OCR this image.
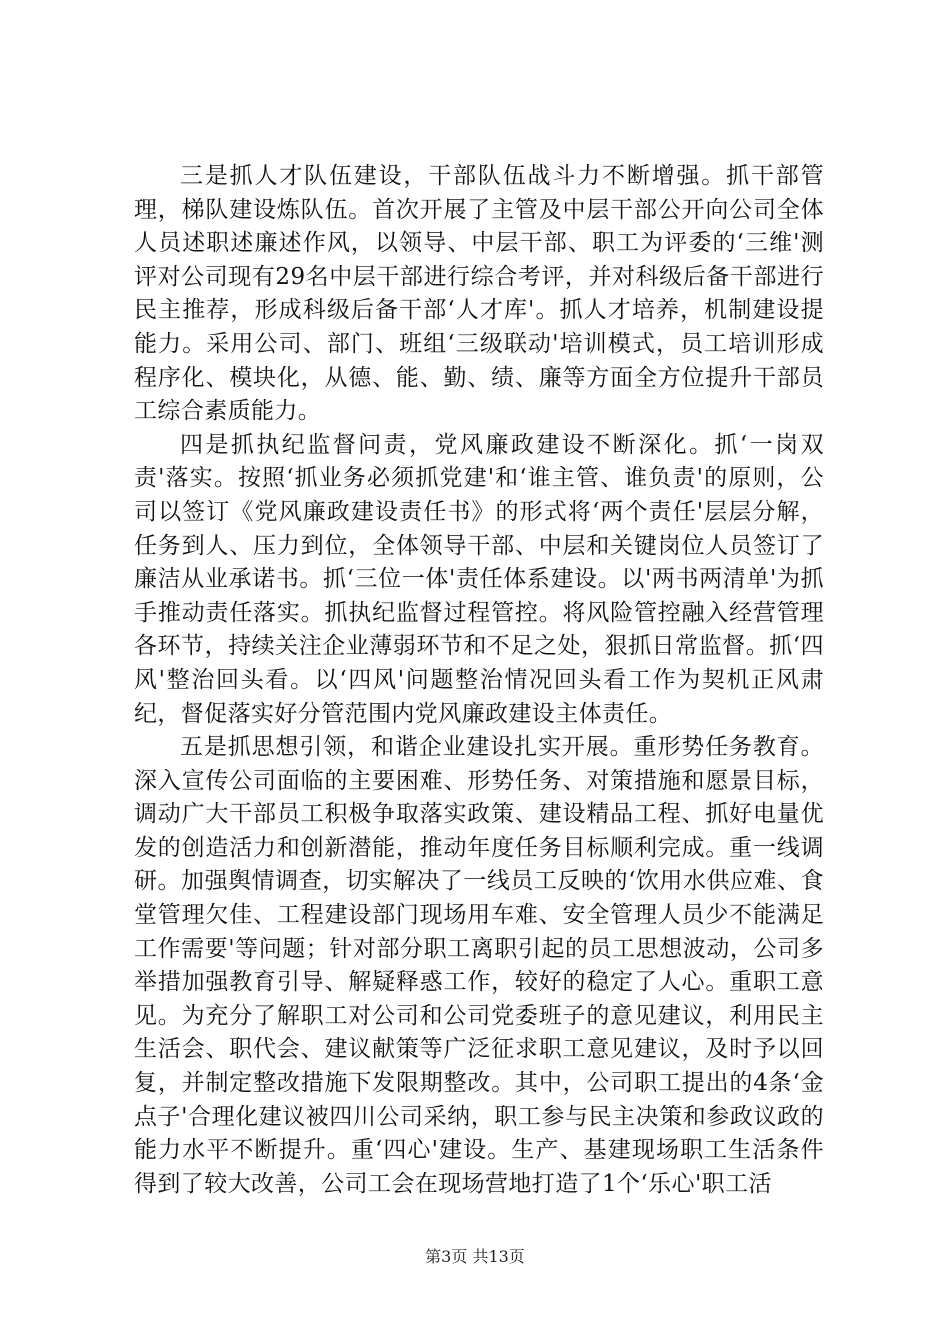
三是抓人才队伍建设，干部队伍战斗力不断增强。抓干部管理，梯队建设炼队伍。首次开展了主管及中层干部公开向公司全体人员述职述廉述作风，以领导、中层干部、职工为评委的‘三维'测评对公司现有29名中层干部进行综合考评，并对科级后备干部进行民主推荐，形成科级后备干部‘人才库'。抓人才培养，机制建设提能力。采用公司、部门、班组‘三级联动'培训模式，员工培训形成程序化、模块化，从德、能、勤、绩、廉等方面全方位提升干部员工综合素质能力。

四是抓执纪监督问责，党风廉政建设不断深化。抓‘一岗双责'落实。按照‘抓业务必须抓党建'和‘谁主管、谁负责'的原则，公司以签订《党风廉政建设责任书》的形式将‘两个责任'层层分解，任务到人、压力到位，全体领导干部、中层和关键岗位人员签订了廉洁从业承诺书。抓‘三位一体'责任体系建设。以'两书两清单'为抓手推动责任落实。抓执纪监督过程管控。将风险管控融入经营管理各环节，持续关注企业薄弱环节和不足之处，狠抓日常监督。抓‘四风'整治回头看。以‘四风'问题整治情况回头看工作为契机正风肃纪，督促落实好分管范围内党风廉政建设主体责任。

五是抓思想引领，和谐企业建设扎实开展。重形势任务教育。深入宣传公司面临的主要困难、形势任务、对策措施和愿景目标，调动广大干部员工积极争取落实政策、建设精品工程、抓好电量优发的创造活力和创新潜能，推动年度任务目标顺利完成。重一线调研。加强舆情调查，切实解决了一线员工反映的‘饮用水供应难、食堂管理欠佳、工程建设部门现场用车难、安全管理人员少不能满足工作需要'等问题；针对部分职工离职引起的员工思想波动，公司多举措加强教育引导、解疑释惑工作，较好的稳定了人心。重职工意见。为充分了解职工对公司和公司党委班子的意见建议，利用民主生活会、职代会、建议献策等广泛征求职工意见建议，及时予以回复，并制定整改措施下发限期整改。其中，公司职工提出的4条‘金点子'合理化建议被四川公司采纳，职工参与民主决策和参政议政的能力水平不断提升。重‘四心'建设。生产、基建现场职工生活条件得到了较大改善，公司工会在现场营地打造了1个‘乐心'职工活

第3页 共13页
